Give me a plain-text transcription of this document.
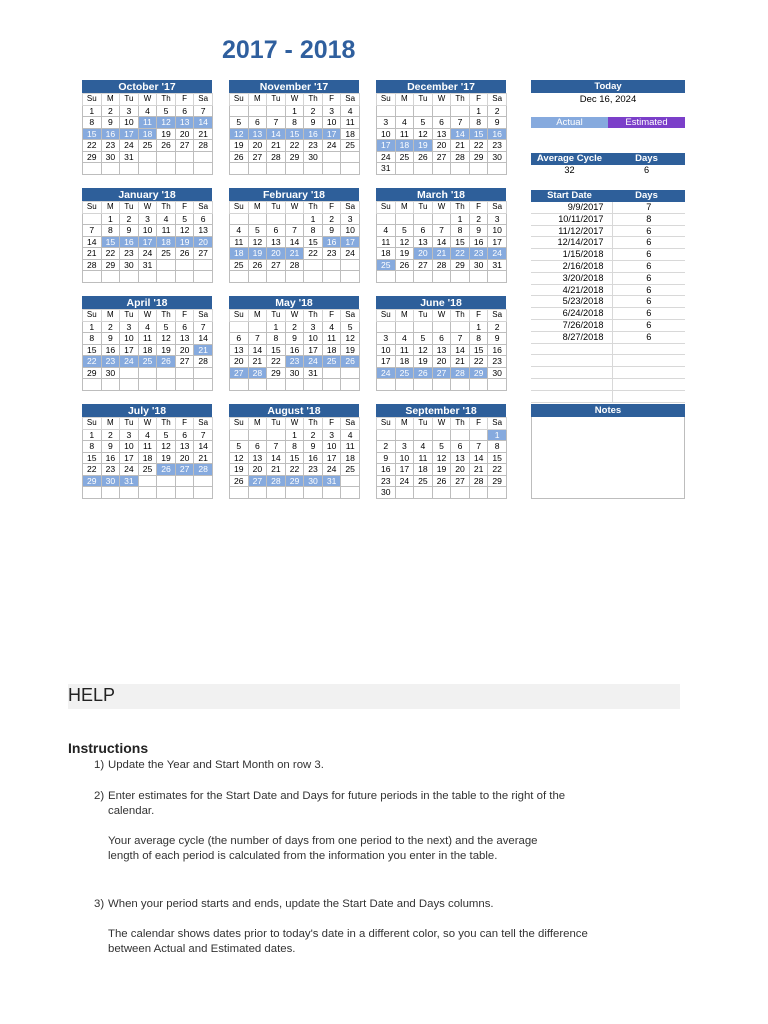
2017 - 2018
October '17
Su	M	Tu	W	Th	F	Sa
1	2	3	4	5	6	7
8	9	10	11	12	13	14
15	16	17	18	19	20	21
22	23	24	25	26	27	28
29	30	31				

November '17
Su	M	Tu	W	Th	F	Sa
			1	2	3	4
5	6	7	8	9	10	11
12	13	14	15	16	17	18
19	20	21	22	23	24	25
26	27	28	29	30		

December '17
Su	M	Tu	W	Th	F	Sa
					1	2
3	4	5	6	7	8	9
10	11	12	13	14	15	16
17	18	19	20	21	22	23
24	25	26	27	28	29	30
31						
January '18
Su	M	Tu	W	Th	F	Sa
	1	2	3	4	5	6
7	8	9	10	11	12	13
14	15	16	17	18	19	20
21	22	23	24	25	26	27
28	29	30	31			

February '18
Su	M	Tu	W	Th	F	Sa
				1	2	3
4	5	6	7	8	9	10
11	12	13	14	15	16	17
18	19	20	21	22	23	24
25	26	27	28			

March '18
Su	M	Tu	W	Th	F	Sa
				1	2	3
4	5	6	7	8	9	10
11	12	13	14	15	16	17
18	19	20	21	22	23	24
25	26	27	28	29	30	31

April '18
Su	M	Tu	W	Th	F	Sa
1	2	3	4	5	6	7
8	9	10	11	12	13	14
15	16	17	18	19	20	21
22	23	24	25	26	27	28
29	30					

May '18
Su	M	Tu	W	Th	F	Sa
		1	2	3	4	5
6	7	8	9	10	11	12
13	14	15	16	17	18	19
20	21	22	23	24	25	26
27	28	29	30	31		

June '18
Su	M	Tu	W	Th	F	Sa
					1	2
3	4	5	6	7	8	9
10	11	12	13	14	15	16
17	18	19	20	21	22	23
24	25	26	27	28	29	30

July '18
Su	M	Tu	W	Th	F	Sa
1	2	3	4	5	6	7
8	9	10	11	12	13	14
15	16	17	18	19	20	21
22	23	24	25	26	27	28
29	30	31				

August '18
Su	M	Tu	W	Th	F	Sa
			1	2	3	4
5	6	7	8	9	10	11
12	13	14	15	16	17	18
19	20	21	22	23	24	25
26	27	28	29	30	31	

September '18
Su	M	Tu	W	Th	F	Sa
						1
2	3	4	5	6	7	8
9	10	11	12	13	14	15
16	17	18	19	20	21	22
23	24	25	26	27	28	29
30						
Today
Dec 16, 2024
Actual	Estimated
Average Cycle	Days
32	6
Start Date	Days
9/9/2017	7
10/11/2017	8
11/12/2017	6
12/14/2017	6
1/15/2018	6
2/16/2018	6
3/20/2018	6
4/21/2018	6
5/23/2018	6
6/24/2018	6
7/26/2018	6
8/27/2018	6
Notes
HELP
Instructions
1) Update the Year and Start Month on row 3.
2) Enter estimates for the Start Date and Days for future periods in the table to the right of the calendar.
Your average cycle (the number of days from one period to the next) and the average length of each period is calculated from the information you enter in the table.
3) When your period starts and ends, update the Start Date and Days columns.
The calendar shows dates prior to today's date in a different color, so you can tell the difference between Actual and Estimated dates.
